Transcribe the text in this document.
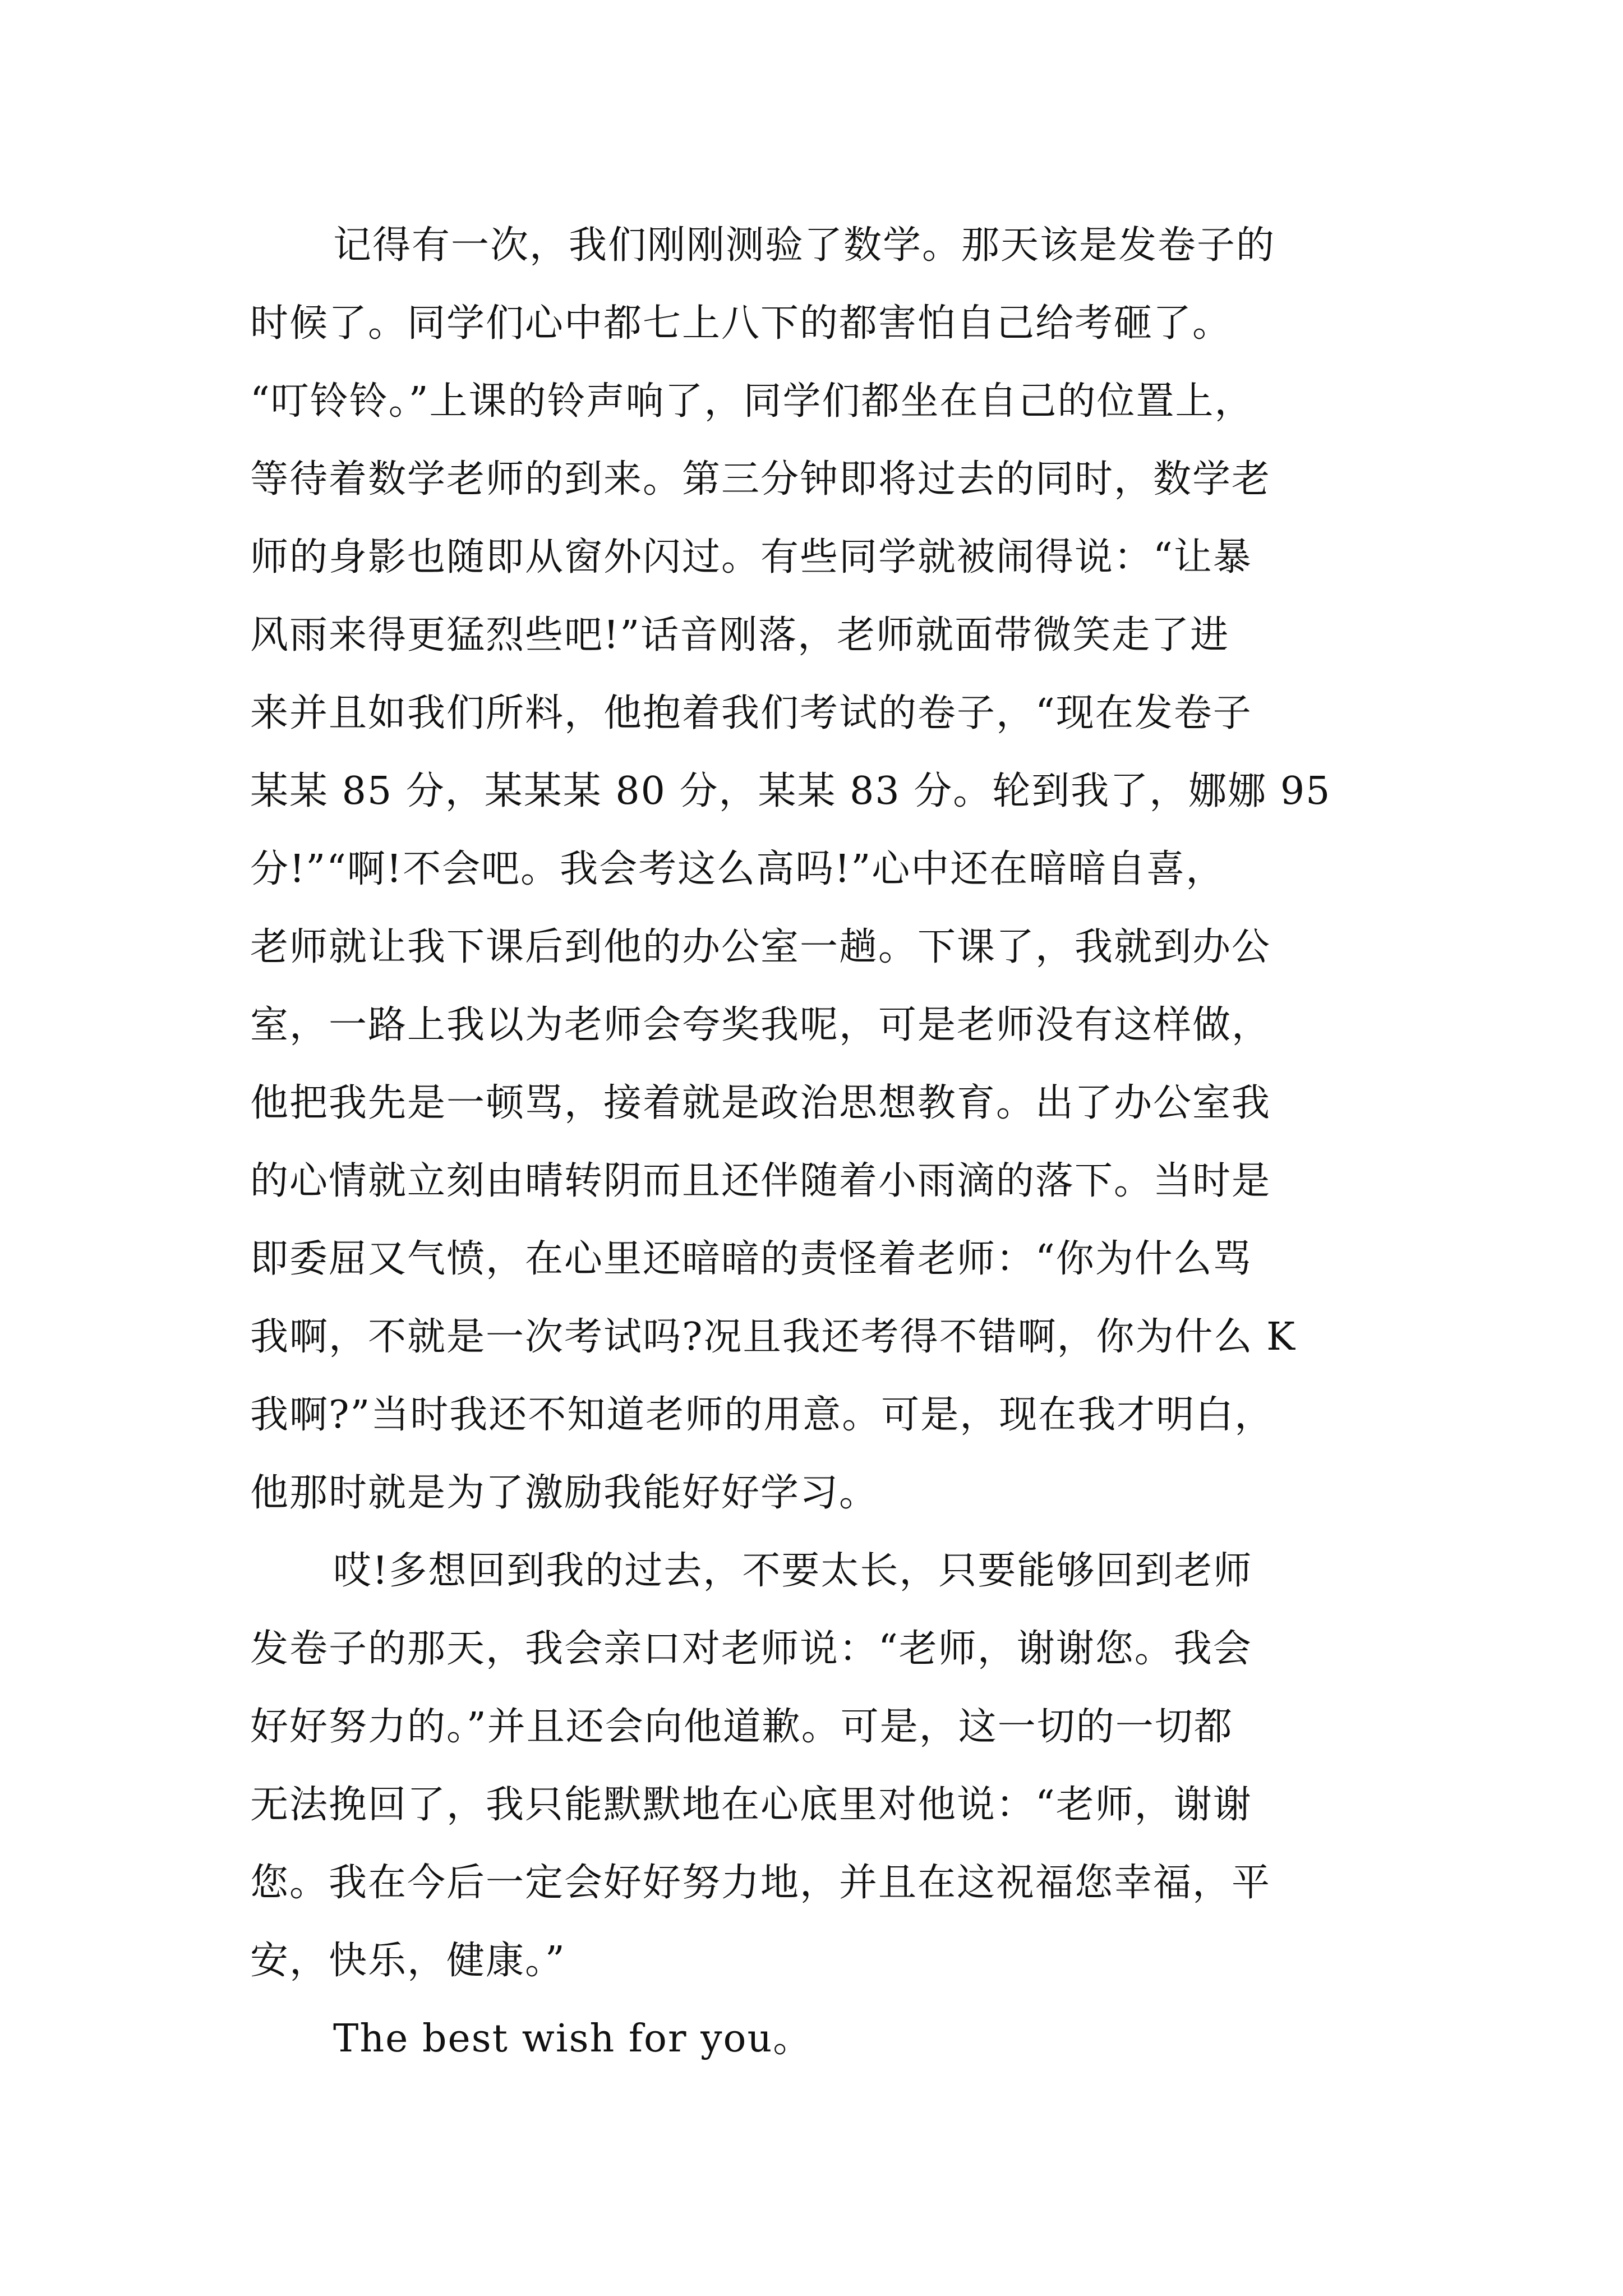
记得有一次，我们刚刚测验了数学。那天该是发卷子的
时候了。同学们心中都七上八下的都害怕自己给考砸了。
“叮铃铃。”上课的铃声响了，同学们都坐在自己的位置上，
等待着数学老师的到来。第三分钟即将过去的同时，数学老
师的身影也随即从窗外闪过。有些同学就被闹得说：“让暴
风雨来得更猛烈些吧!”话音刚落，老师就面带微笑走了进
来并且如我们所料，他抱着我们考试的卷子，“现在发卷子
某某 85 分，某某某 80 分，某某 83 分。轮到我了，娜娜 95
分!”“啊!不会吧。我会考这么高吗!”心中还在暗暗自喜，
老师就让我下课后到他的办公室一趟。下课了，我就到办公
室，一路上我以为老师会夸奖我呢，可是老师没有这样做，
他把我先是一顿骂，接着就是政治思想教育。出了办公室我
的心情就立刻由晴转阴而且还伴随着小雨滴的落下。当时是
即委屈又气愤，在心里还暗暗的责怪着老师：“你为什么骂
我啊，不就是一次考试吗?况且我还考得不错啊，你为什么 K
我啊?”当时我还不知道老师的用意。可是，现在我才明白，
他那时就是为了激励我能好好学习。
哎!多想回到我的过去，不要太长，只要能够回到老师
发卷子的那天，我会亲口对老师说：“老师，谢谢您。我会
好好努力的。”并且还会向他道歉。可是，这一切的一切都
无法挽回了，我只能默默地在心底里对他说：“老师，谢谢
您。我在今后一定会好好努力地，并且在这祝福您幸福，平
安，快乐，健康。”
The best wish for you。
